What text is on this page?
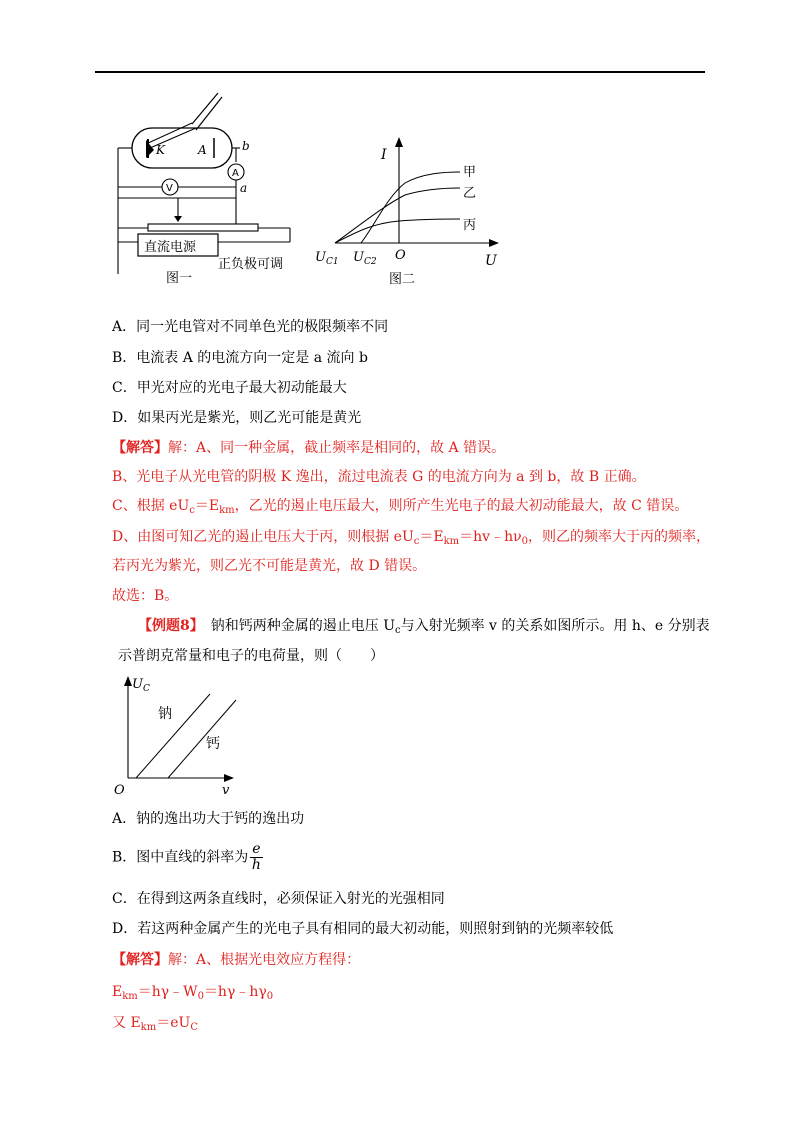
K	A
A
b
a
V
直流电源
正负极可调
图一
I
U
O
甲
乙
丙
$U_{C1}$ $U_{C2}$
图二
A．同一光电管对不同单色光的极限频率不同
B．电流表 A 的电流方向一定是 a 流向 b
C．甲光对应的光电子最大初动能最大
D．如果丙光是紫光，则乙光可能是黄光
【解答】解：A、同一种金属，截止频率是相同的，故 A 错误。
B、光电子从光电管的阴极 K 逸出，流过电流表 G 的电流方向为 a 到 b，故 B 正确。
C、根据 $eU_c=E_{km}$，乙光的遏止电压最大，则所产生光电子的最大初动能最大，故 C 错误。
D、由图可知乙光的遏止电压大于丙，则根据 $eU_c=E_{km}=hv﹣h\nu_0$，则乙的频率大于丙的频率，
若丙光为紫光，则乙光不可能是黄光，故 D 错误。
故选：B。
【例题8】　 钠和钙两种金属的遏止电压 $U_c$与入射光频率 v 的关系如图所示。用 h、e 分别表
示普朗克常量和电子的电荷量，则（　　）
$U_C$
v
O
钠
钙
A．钠的逸出功大于钙的逸出功
B．图中直线的斜率为 $\frac{e}{h}$
C．在得到这两条直线时，必须保证入射光的光强相同
D．若这两种金属产生的光电子具有相同的最大初动能，则照射到钠的光频率较低
【解答】解：A、根据光电效应方程得：
$E_{km}=h\gamma﹣W_0=h\gamma﹣h\gamma_0$
又 $E_{km}=eU_C$
